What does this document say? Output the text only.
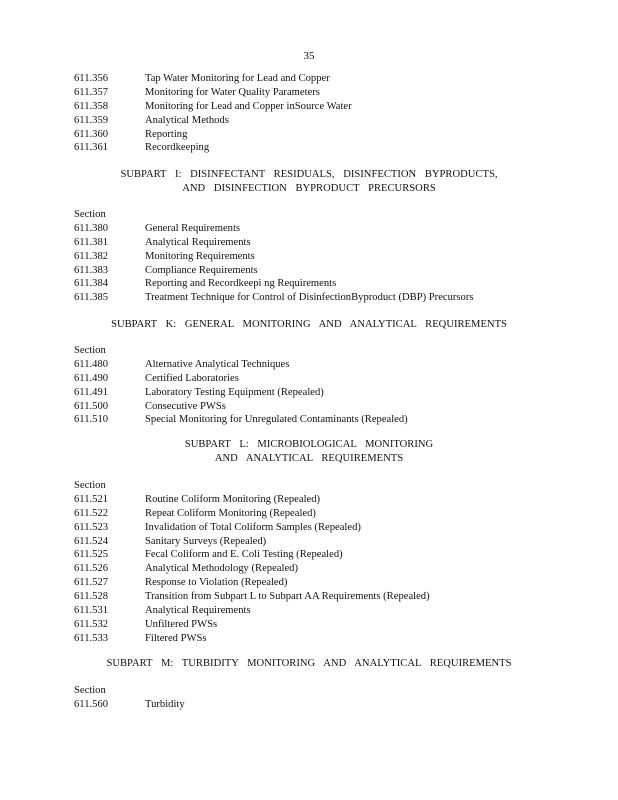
35
611.356	Tap Water Monitoring for Lead and Copper
611.357	Monitoring for Water Quality Parameters
611.358	Monitoring for Lead and Copper inSource Water
611.359	Analytical Methods
611.360	Reporting
611.361	Recordkeeping
SUBPART I: DISINFECTANT RESIDUALS, DISINFECTION BYPRODUCTS,
AND DISINFECTION BYPRODUCT PRECURSORS
Section
611.380	General Requirements
611.381	Analytical Requirements
611.382	Monitoring Requirements
611.383	Compliance Requirements
611.384	Reporting and Recordkeepi ng Requirements
611.385	Treatment Technique for Control of DisinfectionByproduct (DBP) Precursors
SUBPART K: GENERAL MONITORING AND ANALYTICAL REQUIREMENTS
Section
611.480	Alternative Analytical Techniques
611.490	Certified Laboratories
611.491	Laboratory Testing Equipment (Repealed)
611.500	Consecutive PWSs
611.510	Special Monitoring for Unregulated Contaminants (Repealed)
SUBPART L: MICROBIOLOGICAL MONITORING
AND ANALYTICAL REQUIREMENTS
Section
611.521	Routine Coliform Monitoring (Repealed)
611.522	Repeat Coliform Monitoring (Repealed)
611.523	Invalidation of Total Coliform Samples (Repealed)
611.524	Sanitary Surveys (Repealed)
611.525	Fecal Coliform and E. Coli Testing (Repealed)
611.526	Analytical Methodology (Repealed)
611.527	Response to Violation (Repealed)
611.528	Transition from Subpart L to Subpart AA Requirements (Repealed)
611.531	Analytical Requirements
611.532	Unfiltered PWSs
611.533	Filtered PWSs
SUBPART M: TURBIDITY MONITORING AND ANALYTICAL REQUIREMENTS
Section
611.560	Turbidity
